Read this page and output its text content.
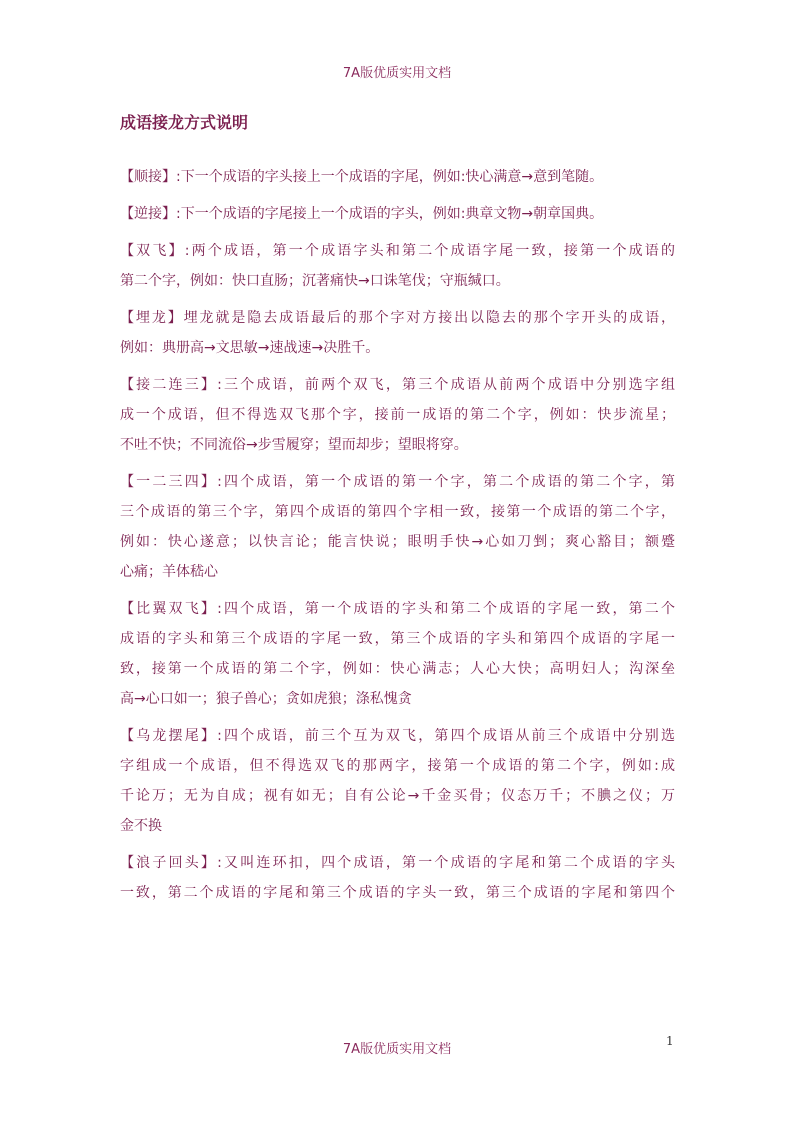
7A版优质实用文档
成语接龙方式说明
【顺接】:下一个成语的字头接上一个成语的字尾，例如:快心满意→意到笔随。
【逆接】:下一个成语的字尾接上一个成语的字头，例如:典章文物→朝章国典。
【双飞】:两个成语，第一个成语字头和第二个成语字尾一致，接第一个成语的
第二个字，例如：快口直肠；沉著痛快→口诛笔伐；守瓶缄口。
【埋龙】埋龙就是隐去成语最后的那个字对方接出以隐去的那个字开头的成语，
例如：典册高→文思敏→速战速→决胜千。
【接二连三】:三个成语，前两个双飞，第三个成语从前两个成语中分别选字组
成一个成语，但不得选双飞那个字，接前一成语的第二个字，例如：快步流星；
不吐不快；不同流俗→步雪履穿；望而却步；望眼将穿。
【一二三四】:四个成语，第一个成语的第一个字，第二个成语的第二个字，第
三个成语的第三个字，第四个成语的第四个字相一致，接第一个成语的第二个字，
例如：快心遂意；以快言论；能言快说；眼明手快→心如刀剉；爽心豁目；额蹙
心痛；羊体嵇心
【比翼双飞】:四个成语，第一个成语的字头和第二个成语的字尾一致，第二个
成语的字头和第三个成语的字尾一致，第三个成语的字头和第四个成语的字尾一
致，接第一个成语的第二个字，例如：快心满志；人心大快；高明妇人；沟深垒
高→心口如一；狼子兽心；贪如虎狼；涤私愧贪
【乌龙摆尾】:四个成语，前三个互为双飞，第四个成语从前三个成语中分别选
字组成一个成语，但不得选双飞的那两字，接第一个成语的第二个字，例如:成
千论万；无为自成；视有如无；自有公论→千金买骨；仪态万千；不腆之仪；万
金不换
【浪子回头】:又叫连环扣，四个成语，第一个成语的字尾和第二个成语的字头
一致，第二个成语的字尾和第三个成语的字头一致，第三个成语的字尾和第四个
1
7A版优质实用文档
